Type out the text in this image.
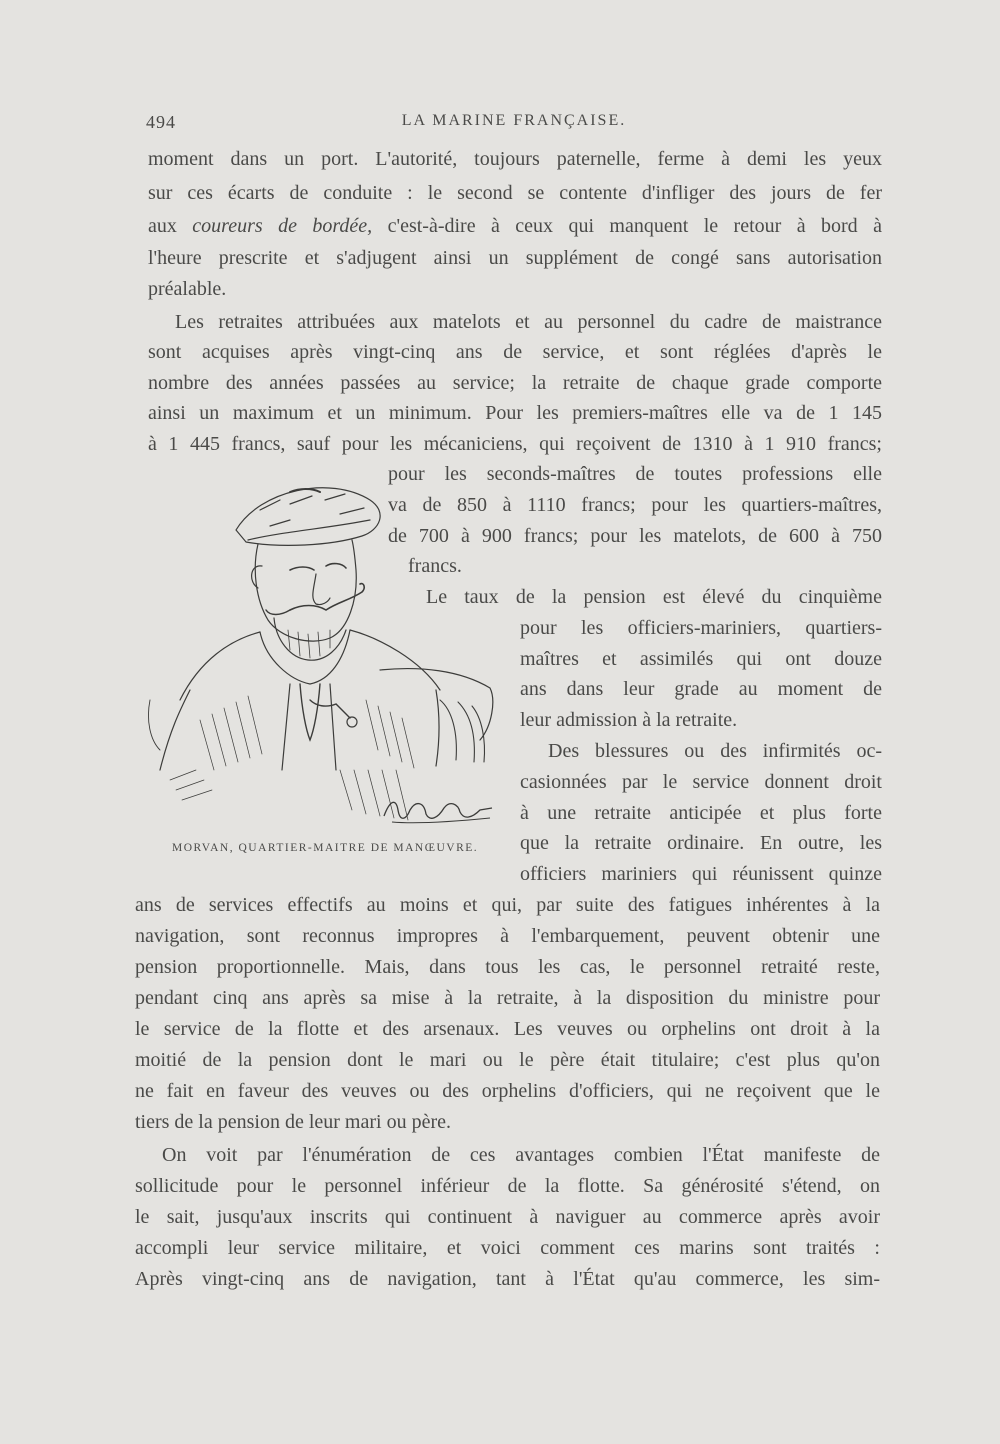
494	LA MARINE FRANÇAISE.
moment dans un port. L'autorité, toujours paternelle, ferme à demi les yeux
sur ces écarts de conduite : le second se contente d'infliger des jours de fer
aux coureurs de bordée, c'est-à-dire à ceux qui manquent le retour à bord à
l'heure prescrite et s'adjugent ainsi un supplément de congé sans autorisation
préalable.
Les retraites attribuées aux matelots et au personnel du cadre de maistrance
sont acquises après vingt-cinq ans de service, et sont réglées d'après le
nombre des années passées au service; la retraite de chaque grade comporte
ainsi un maximum et un minimum. Pour les premiers-maîtres elle va de 1 145
à 1 445 francs, sauf pour les mécaniciens, qui reçoivent de 1310 à 1 910 francs;
pour les seconds-maîtres de toutes professions elle
va de 850 à 1110 francs; pour les quartiers-maîtres,
de 700 à 900 francs; pour les matelots, de 600 à 750
francs.
Le taux de la pension est élevé du cinquième
pour les officiers-mariniers, quartiers-
maîtres et assimilés qui ont douze
ans dans leur grade au moment de
leur admission à la retraite.
Des blessures ou des infirmités oc-
casionnées par le service donnent droit
à une retraite anticipée et plus forte
que la retraite ordinaire. En outre, les
officiers mariniers qui réunissent quinze
ans de services effectifs au moins et qui, par suite des fatigues inhérentes à la
navigation, sont reconnus impropres à l'embarquement, peuvent obtenir une
pension proportionnelle. Mais, dans tous les cas, le personnel retraité reste,
pendant cinq ans après sa mise à la retraite, à la disposition du ministre pour
le service de la flotte et des arsenaux. Les veuves ou orphelins ont droit à la
moitié de la pension dont le mari ou le père était titulaire; c'est plus qu'on
ne fait en faveur des veuves ou des orphelins d'officiers, qui ne reçoivent que le
tiers de la pension de leur mari ou père.
On voit par l'énumération de ces avantages combien l'État manifeste de
sollicitude pour le personnel inférieur de la flotte. Sa générosité s'étend, on
le sait, jusqu'aux inscrits qui continuent à naviguer au commerce après avoir
accompli leur service militaire, et voici comment ces marins sont traités :
Après vingt-cinq ans de navigation, tant à l'État qu'au commerce, les sim-
MORVAN, QUARTIER-MAITRE DE MANŒUVRE.
